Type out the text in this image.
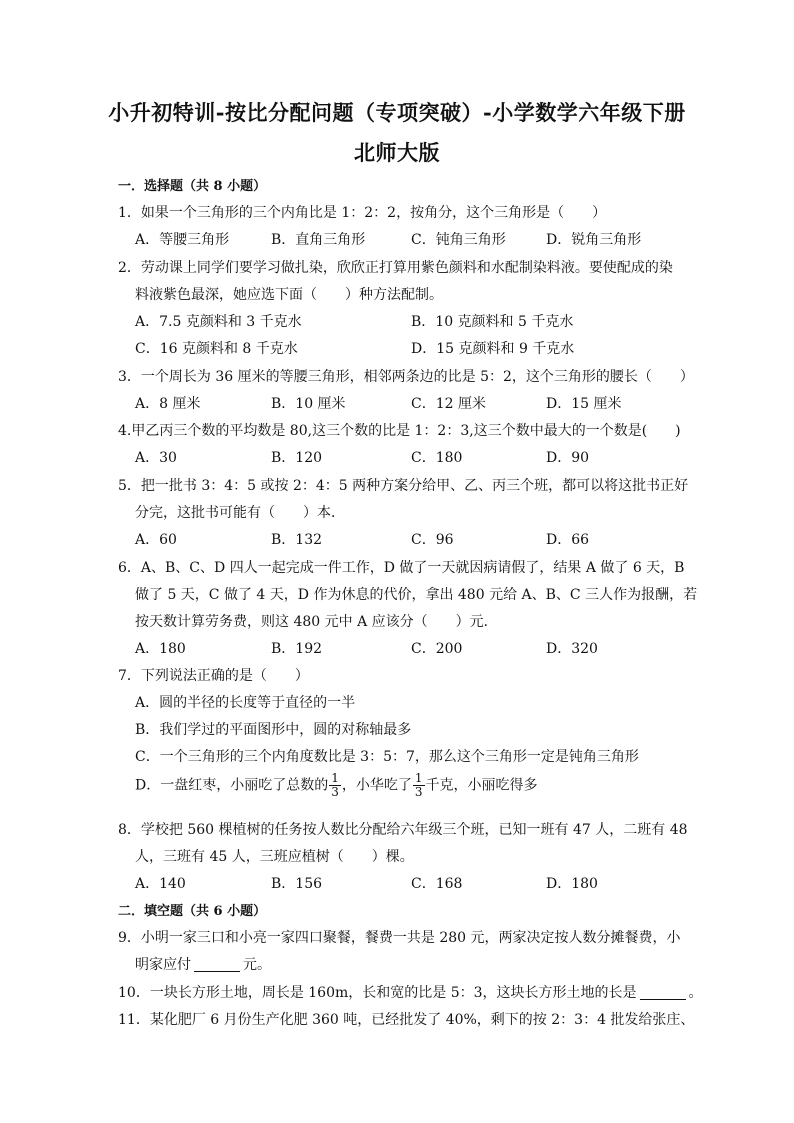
小升初特训-按比分配问题（专项突破）-小学数学六年级下册
北师大版
一．选择题（共 8 小题）
1．如果一个三角形的三个内角比是 1：2：2，按角分，这个三角形是（　　）
A．等腰三角形	B．直角三角形	C．钝角三角形	D．锐角三角形
2．劳动课上同学们要学习做扎染，欣欣正打算用紫色颜料和水配制染料液。要使配成的染
料液紫色最深，她应选下面（　　）种方法配制。
A．7.5 克颜料和 3 千克水	B．10 克颜料和 5 千克水
C．16 克颜料和 8 千克水	D．15 克颜料和 9 千克水
3．一个周长为 36 厘米的等腰三角形，相邻两条边的比是 5：2，这个三角形的腰长（　　）
A．8 厘米	B．10 厘米	C．12 厘米	D．15 厘米
4.甲乙丙三个数的平均数是 80,这三个数的比是 1：2：3,这三个数中最大的一个数是(　　)
A．30	B．120	C．180	D．90
5．把一批书 3：4：5 或按 2：4：5 两种方案分给甲、乙、丙三个班，都可以将这批书正好
分完，这批书可能有（　　）本．
A．60	B．132	C．96	D．66
6．A、B、C、D 四人一起完成一件工作，D 做了一天就因病请假了，结果 A 做了 6 天，B
做了 5 天，C 做了 4 天，D 作为休息的代价，拿出 480 元给 A、B、C 三人作为报酬，若
按天数计算劳务费，则这 480 元中 A 应该分（　　）元．
A．180	B．192	C．200	D．320
7．下列说法正确的是（　　）
A．圆的半径的长度等于直径的一半
B．我们学过的平面图形中，圆的对称轴最多
C．一个三角形的三个内角度数比是 3：5：7，那么这个三角形一定是钝角三角形
D．一盘红枣，小丽吃了总数的 $\frac{1}{3}$ ，小华吃了 $\frac{1}{3}$ 千克，小丽吃得多
8．学校把 560 棵植树的任务按人数比分配给六年级三个班，已知一班有 47 人，二班有 48
人，三班有 45 人，三班应植树（　　）棵。
A．140	B．156	C．168	D．180
二．填空题（共 6 小题）
9．小明一家三口和小亮一家四口聚餐，餐费一共是 280 元，两家决定按人数分摊餐费，小
明家应付	元。
10．一块长方形土地，周长是 160m，长和宽的比是 5：3，这块长方形土地的长是	。
11．某化肥厂 6 月份生产化肥 360 吨，已经批发了 40%，剩下的按 2：3：4 批发给张庄、
